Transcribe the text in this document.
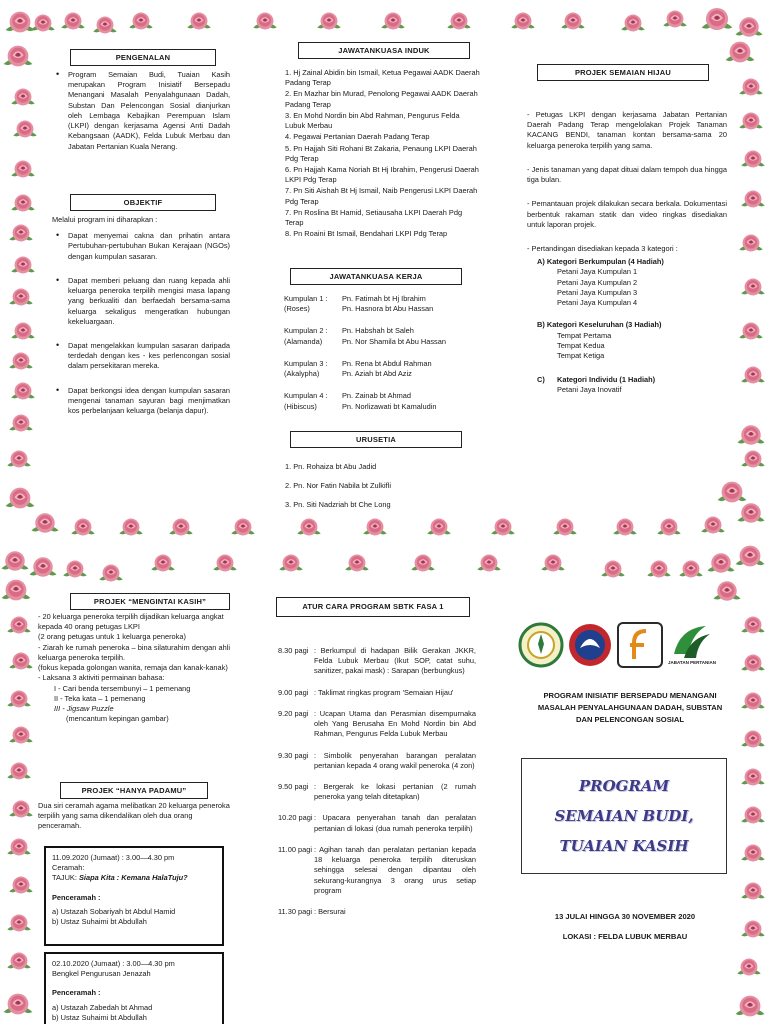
PENGENALAN
• Program Semaian Budi, Tuaian Kasih merupakan Program Inisiatif Bersepadu Menangani Masalah Penyalahgunaan Dadah, Substan Dan Pelencongan Sosial dianjurkan oleh Lembaga Kebajikan Perempuan Islam (LKPI) dengan kerjasama Agensi Anti Dadah Kebangsaan (AADK), Felda Lubuk Merbau dan Jabatan Pertanian Kuala Nerang.
OBJEKTIF
Melalui program ini diharapkan :
• Dapat menyemai cakna dan prihatin antara Pertubuhan-pertubuhan Bukan Kerajaan (NGOs) dengan kumpulan sasaran.
• Dapat memberi peluang dan ruang kepada ahli keluarga peneroka terpilih mengisi masa lapang yang berkualiti dan berfaedah bersama-sama keluarga sekaligus mengeratkan hubungan kekeluargaan.
• Dapat mengelakkan kumpulan sasaran daripada terdedah dengan kes - kes perlencongan sosial dalam persekitaran mereka.
• Dapat berkongsi idea dengan kumpulan sasaran mengenai tanaman sayuran bagi menjimatkan kos perbelanjaan keluarga (belanja dapur).
JAWATANKUASA INDUK
1. Hj Zainal Abidin bin Ismail, Ketua Pegawai AADK Daerah Padang Terap
2. En Mazhar bin Murad, Penolong Pegawai AADK Daerah Padang Terap
3. En Mohd Nordin bin Abd Rahman, Pengurus Felda Lubuk Merbau
4. Pegawai Pertanian Daerah Padang Terap
5. Pn Hajjah Siti Rohani Bt Zakaria, Penaung LKPI Daerah Pdg Terap
6. Pn Hajjah Kama Noriah Bt Hj Ibrahim, Pengerusi Daerah LKPI Pdg Terap
7. Pn Siti Aishah Bt Hj Ismail, Naib Pengerusi LKPI Daerah Pdg Terap
7. Pn Roslina Bt Hamid, Setiausaha LKPI Daerah Pdg Terap
8. Pn Roaini Bt Ismail, Bendahari LKPI Pdg Terap
JAWATANKUASA KERJA
Kumpulan 1 :	Pn. Fatimah bt Hj Ibrahim
(Roses)	Pn. Hasnora bt Abu Hassan
Kumpulan 2 :	Pn. Habshah bt Saleh
(Alamanda)	Pn. Nor Shamila bt Abu Hassan
Kumpulan 3 :	Pn. Rena bt Abdul Rahman
(Akalypha)	Pn. Aziah bt Abd Aziz
Kumpulan 4 :	Pn. Zainab bt Ahmad
(Hibiscus)	Pn. Norlizawati bt Kamaludin
URUSETIA
1. Pn. Rohaiza bt Abu Jadid
2. Pn. Nor Fatin Nabila bt Zulkifli
3. Pn. Siti Nadzriah bt Che Long
PROJEK SEMAIAN HIJAU
- Petugas LKPI dengan kerjasama Jabatan Pertanian Daerah Padang Terap mengelolakan Projek Tanaman KACANG BENDI, tanaman kontan bersama-sama 20 keluarga peneroka terpilih yang sama.
- Jenis tanaman yang dapat dituai dalam tempoh dua hingga tiga bulan.
- Pemantauan projek dilakukan secara berkala. Dokumentasi berbentuk rakaman statik dan video ringkas disediakan untuk laporan projek.
- Pertandingan disediakan kepada 3 kategori :
A) Kategori Berkumpulan (4 Hadiah)
Petani Jaya Kumpulan 1
Petani Jaya Kumpulan 2
Petani Jaya Kumpulan 3
Petani Jaya Kumpulan 4
B) Kategori Keseluruhan (3 Hadiah)
Tempat Pertama
Tempat Kedua
Tempat Ketiga
C)	Kategori Individu (1 Hadiah)
Petani Jaya Inovatif
PROJEK “MENGINTAI KASIH”
- 20 keluarga peneroka terpilih dijadikan keluarga angkat kepada 40 orang petugas LKPI
(2 orang petugas untuk 1 keluarga peneroka)
- Ziarah ke rumah peneroka – bina silaturahim dengan ahli keluarga peneroka terpilih.
(fokus kepada golongan wanita, remaja dan kanak-kanak)
- Laksana 3 aktiviti permainan bahasa:
I - Cari benda tersembunyi – 1 pemenang
II - Teka kata – 1 pemenang
III - Jigsaw Puzzle
(mencantum kepingan gambar)
PROJEK “HANYA PADAMU”
Dua siri ceramah agama melibatkan 20 keluarga peneroka terpilih yang sama dikendalikan oleh dua orang penceramah.
11.09.2020 (Jumaat) : 3.00—4.30 pm
Ceramah:
TAJUK: Siapa Kita : Kemana HalaTuju?
Penceramah :
a) Ustazah Sobariyah bt Abdul Hamid
b) Ustaz Suhaimi bt Abdullah
02.10.2020 (Jumaat) : 3.00—4.30 pm
Bengkel Pengurusan Jenazah
Penceramah :
a) Ustazah Zabedah bt Ahmad
b) Ustaz Suhaimi bt Abdullah
ATUR CARA PROGRAM SBTK FASA 1
8.30 pagi : Berkumpul di hadapan Bilik Gerakan JKKR, Felda Lubuk Merbau (Ikut SOP, catat suhu, sanitizer, pakai mask) : Sarapan (berbungkus)
9.00 pagi : Taklimat ringkas program 'Semaian Hijau'
9.20 pagi : Ucapan Utama dan Perasmian disempurnaka oleh Yang Berusaha En Mohd Nordin bin Abd Rahman, Pengurus Felda Lubuk Merbau
9.30 pagi : Simbolik penyerahan barangan peralatan pertanian kepada 4 orang wakil peneroka (4 zon)
9.50 pagi : Bergerak ke lokasi pertanian (2 rumah peneroka yang telah ditetapkan)
10.20 pagi : Upacara penyerahan tanah dan peralatan pertanian di lokasi (dua rumah peneroka terpilih)
11.00 pagi : Agihan tanah dan peralatan pertanian kepada 18 keluarga peneroka terpilih diteruskan sehingga selesai dengan dipantau oleh sekurang-kurangnya 3 orang urus setiap program
11.30 pagi : Bersurai
JABATAN PERTANIAN
PROGRAM INISIATIF BERSEPADU MENANGANI MASALAH PENYALAHGUNAAN DADAH, SUBSTAN DAN PELENCONGAN SOSIAL
PROGRAM
SEMAIAN BUDI,
TUAIAN KASIH
13 JULAI HINGGA 30 NOVEMBER 2020
LOKASI : FELDA LUBUK MERBAU
